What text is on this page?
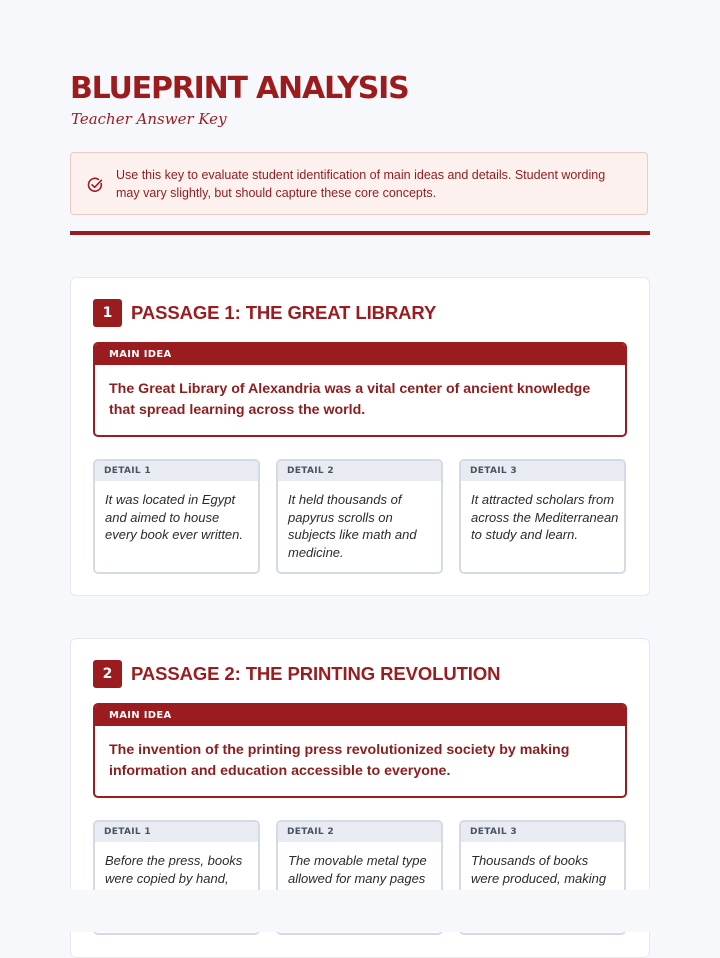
BLUEPRINT ANALYSIS
Teacher Answer Key
Use this key to evaluate student identification of main ideas and details. Student wording may vary slightly, but should capture these core concepts.
1	PASSAGE 1: THE GREAT LIBRARY
MAIN IDEA
The Great Library of Alexandria was a vital center of ancient knowledge that spread learning across the world.
DETAIL 1
It was located in Egypt and aimed to house every book ever written.
DETAIL 2
It held thousands of papyrus scrolls on subjects like math and medicine.
DETAIL 3
It attracted scholars from across the Mediterranean to study and learn.
2	PASSAGE 2: THE PRINTING REVOLUTION
MAIN IDEA
The invention of the printing press revolutionized society by making information and education accessible to everyone.
DETAIL 1
Before the press, books were copied by hand,
DETAIL 2
The movable metal type allowed for many pages
DETAIL 3
Thousands of books were produced, making
